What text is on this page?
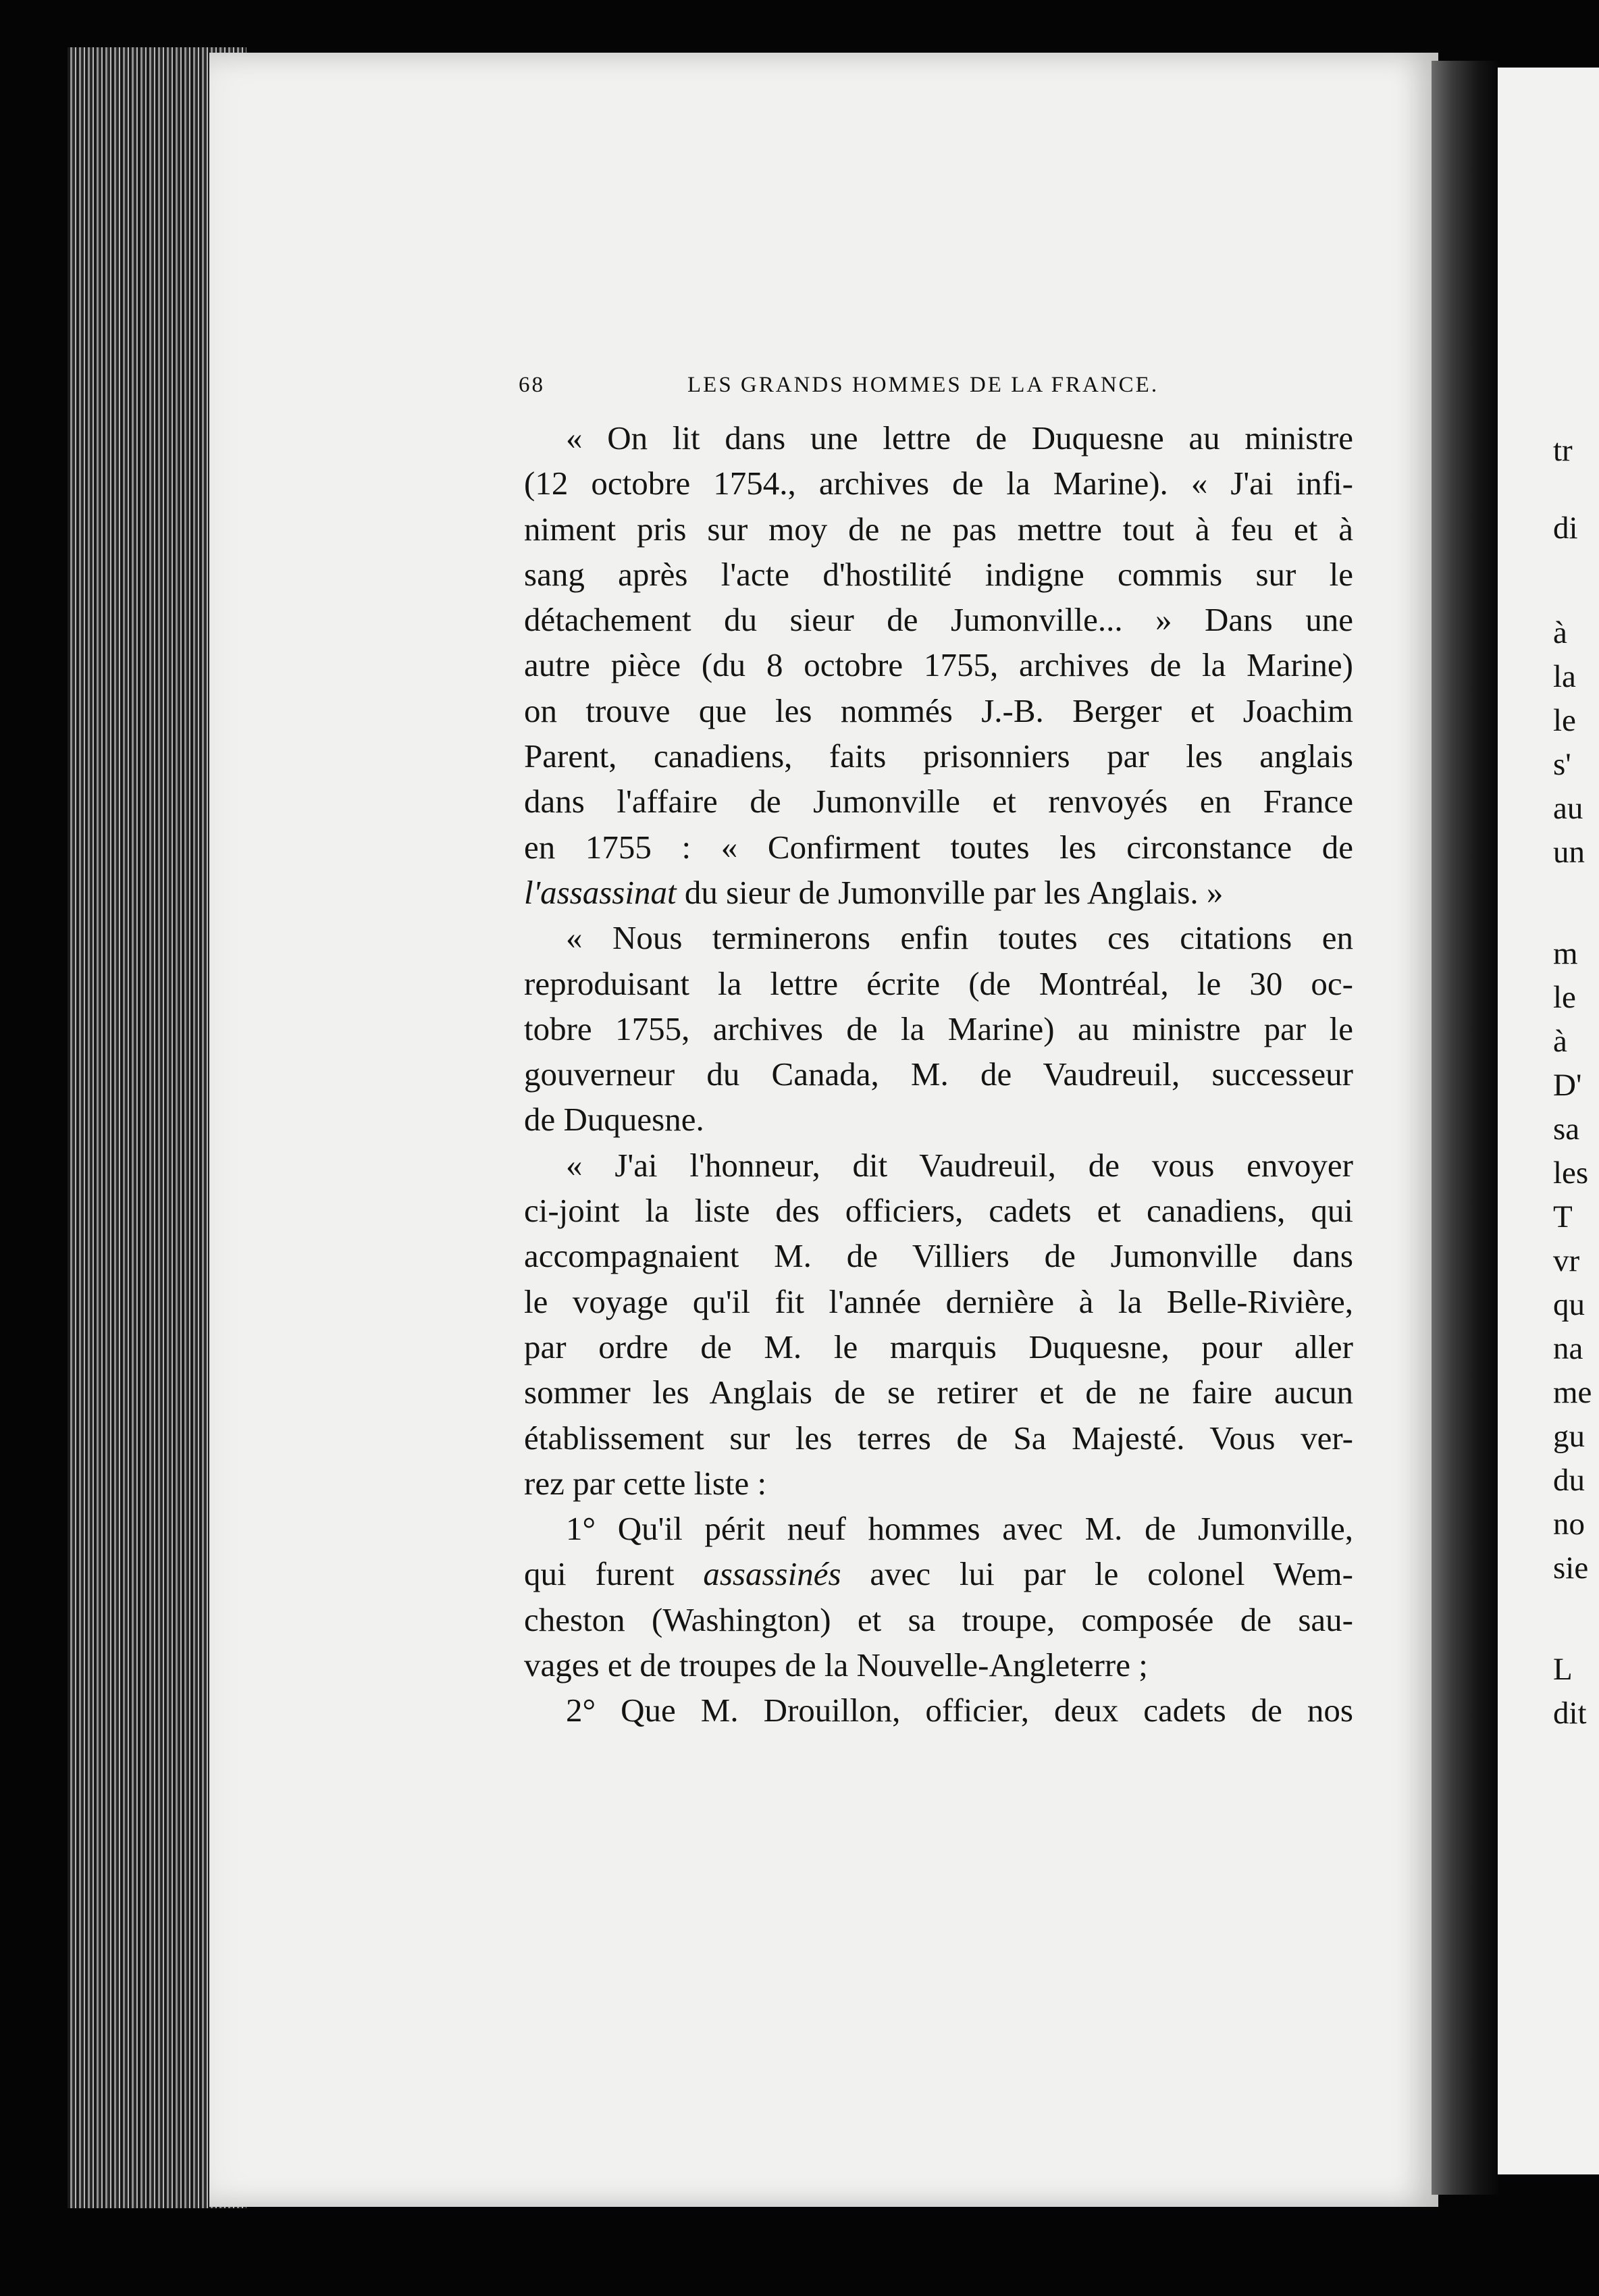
68	LES GRANDS HOMMES DE LA FRANCE.
« On lit dans une lettre de Duquesne au ministre
(12 octobre 1754., archives de la Marine). « J'ai infi-
niment pris sur moy de ne pas mettre tout à feu et à
sang après l'acte d'hostilité indigne commis sur le
détachement du sieur de Jumonville... » Dans une
autre pièce (du 8 octobre 1755, archives de la Marine)
on trouve que les nommés J.-B. Berger et Joachim
Parent, canadiens, faits prisonniers par les anglais
dans l'affaire de Jumonville et renvoyés en France
en 1755 : « Confirment toutes les circonstance de
l'assassinat du sieur de Jumonville par les Anglais. »
« Nous terminerons enfin toutes ces citations en
reproduisant la lettre écrite (de Montréal, le 30 oc-
tobre 1755, archives de la Marine) au ministre par le
gouverneur du Canada, M. de Vaudreuil, successeur
de Duquesne.
« J'ai l'honneur, dit Vaudreuil, de vous envoyer
ci-joint la liste des officiers, cadets et canadiens, qui
accompagnaient M. de Villiers de Jumonville dans
le voyage qu'il fit l'année dernière à la Belle-Rivière,
par ordre de M. le marquis Duquesne, pour aller
sommer les Anglais de se retirer et de ne faire aucun
établissement sur les terres de Sa Majesté. Vous ver-
rez par cette liste :
1° Qu'il périt neuf hommes avec M. de Jumonville,
qui furent assassinés avec lui par le colonel Wem-
cheston (Washington) et sa troupe, composée de sau-
vages et de troupes de la Nouvelle-Angleterre ;
2° Que M. Drouillon, officier, deux cadets de nos
tr
di
à
la
le
s'
au
un
m
le
à
D'
sa
les
T
vr
qu
na
me
gu
du
no
sie
L
dit
